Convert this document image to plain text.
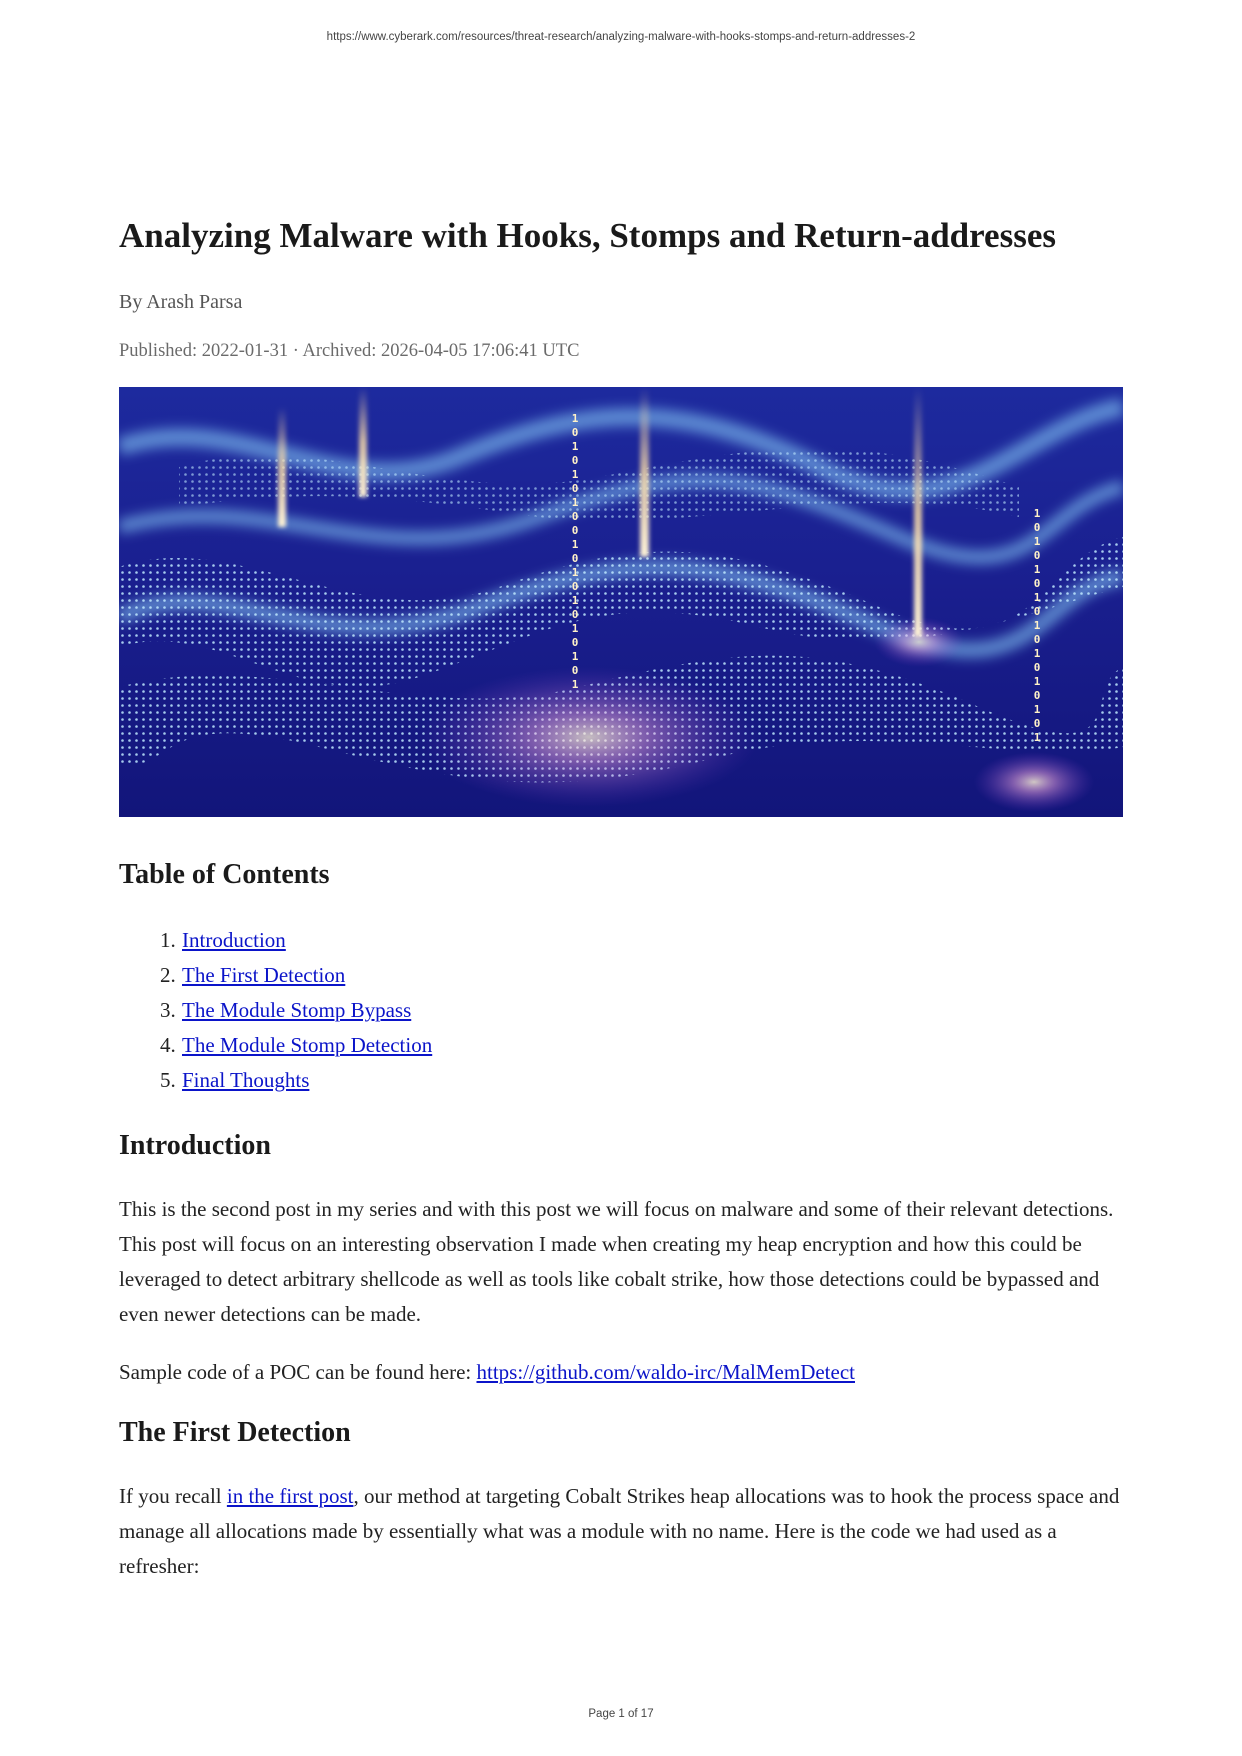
https://www.cyberark.com/resources/threat-research/analyzing-malware-with-hooks-stomps-and-return-addresses-2
Analyzing Malware with Hooks, Stomps and Return-addresses
By Arash Parsa
Published: 2022-01-31 · Archived: 2026-04-05 17:06:41 UTC
1
0
1
0
1
0
1
0
0
1
0
1
0
1
0
1
0
1
0
1
1
0
1
0
1
0
1
0
1
0
1
0
1
0
1
0
1
Table of Contents
1. Introduction
2. The First Detection
3. The Module Stomp Bypass
4. The Module Stomp Detection
5. Final Thoughts
Introduction

This is the second post in my series and with this post we will focus on malware and some of their relevant detections. This post will focus on an interesting observation I made when creating my heap encryption and how this could be leveraged to detect arbitrary shellcode as well as tools like cobalt strike, how those detections could be bypassed and even newer detections can be made.

Sample code of a POC can be found here: https://github.com/waldo-irc/MalMemDetect

The First Detection

If you recall in the first post, our method at targeting Cobalt Strikes heap allocations was to hook the process space and manage all allocations made by essentially what was a module with no name. Here is the code we had used as a refresher:

Page 1 of 17
